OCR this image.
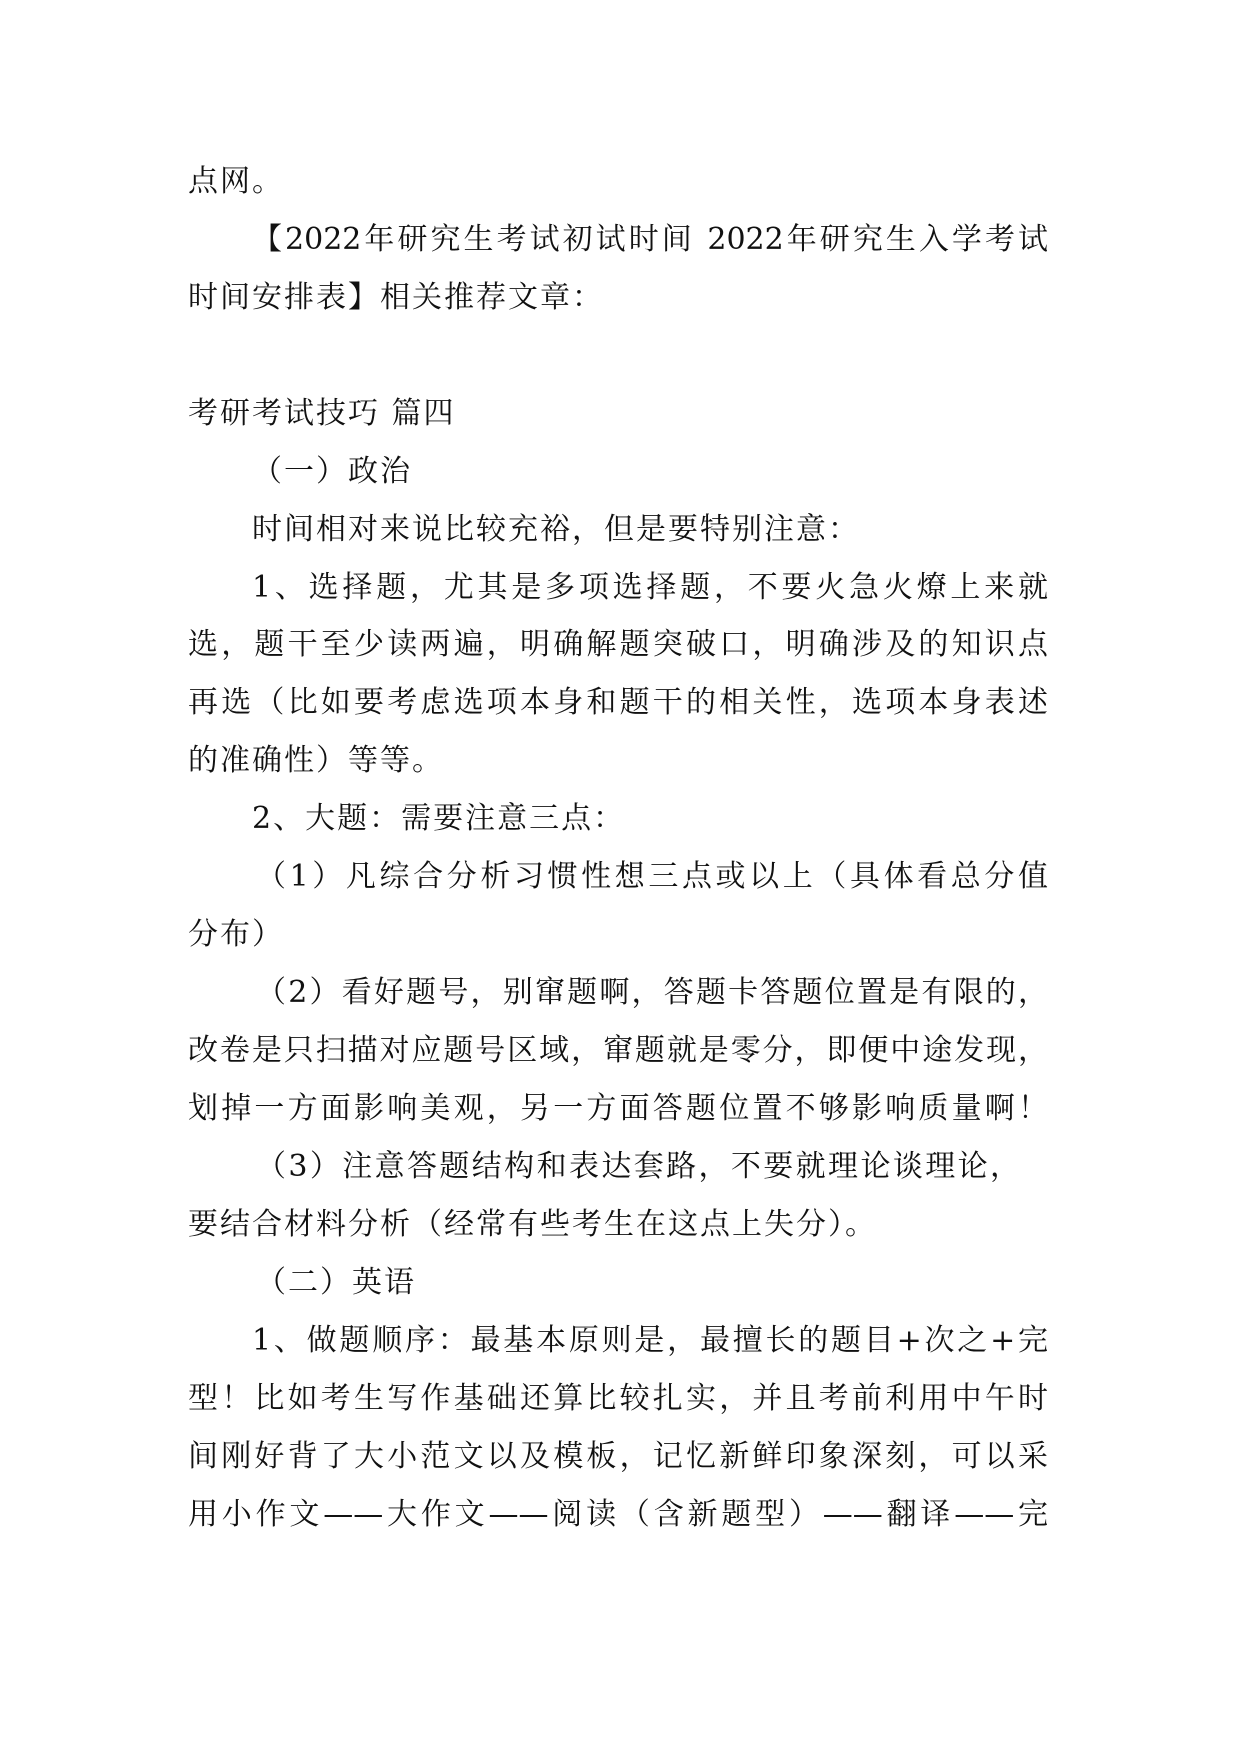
点网。
【2022年研究生考试初试时间 2022年研究生入学考试
时间安排表】相关推荐文章：
考研考试技巧 篇四
（一）政治
时间相对来说比较充裕，但是要特别注意：
1、选择题，尤其是多项选择题，不要火急火燎上来就
选，题干至少读两遍，明确解题突破口，明确涉及的知识点
再选（比如要考虑选项本身和题干的相关性，选项本身表述
的准确性）等等。
2、大题：需要注意三点：
（1）凡综合分析习惯性想三点或以上（具体看总分值
分布）
（2）看好题号，别窜题啊，答题卡答题位置是有限的，
改卷是只扫描对应题号区域，窜题就是零分，即便中途发现，
划掉一方面影响美观，另一方面答题位置不够影响质量啊！
（3）注意答题结构和表达套路，不要就理论谈理论，
要结合材料分析（经常有些考生在这点上失分）。
（二）英语
1、做题顺序：最基本原则是，最擅长的题目+次之+完
型！比如考生写作基础还算比较扎实，并且考前利用中午时
间刚好背了大小范文以及模板，记忆新鲜印象深刻，可以采
用小作文——大作文——阅读（含新题型）——翻译——完
